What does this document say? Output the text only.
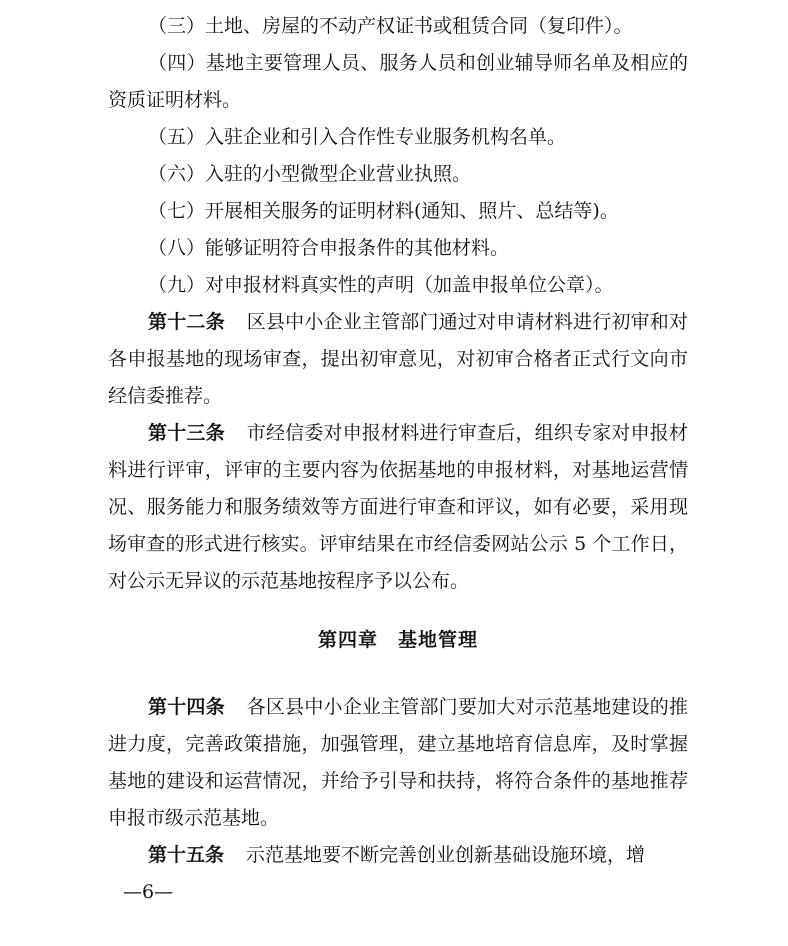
（三）土地、房屋的不动产权证书或租赁合同（复印件）。

（四）基地主要管理人员、服务人员和创业辅导师名单及相应的资质证明材料。

（五）入驻企业和引入合作性专业服务机构名单。

（六）入驻的小型微型企业营业执照。

（七）开展相关服务的证明材料(通知、照片、总结等)。

（八）能够证明符合申报条件的其他材料。

（九）对申报材料真实性的声明（加盖申报单位公章）。

第十二条 区县中小企业主管部门通过对申请材料进行初审和对各申报基地的现场审查，提出初审意见，对初审合格者正式行文向市经信委推荐。

第十三条 市经信委对申报材料进行审查后，组织专家对申报材料进行评审，评审的主要内容为依据基地的申报材料，对基地运营情况、服务能力和服务绩效等方面进行审查和评议，如有必要，采用现场审查的形式进行核实。评审结果在市经信委网站公示 5 个工作日，对公示无异议的示范基地按程序予以公布。

第四章　基地管理

第十四条 各区县中小企业主管部门要加大对示范基地建设的推进力度，完善政策措施，加强管理，建立基地培育信息库，及时掌握基地的建设和运营情况，并给予引导和扶持，将符合条件的基地推荐申报市级示范基地。

第十五条 示范基地要不断完善创业创新基础设施环境，增

—6—
